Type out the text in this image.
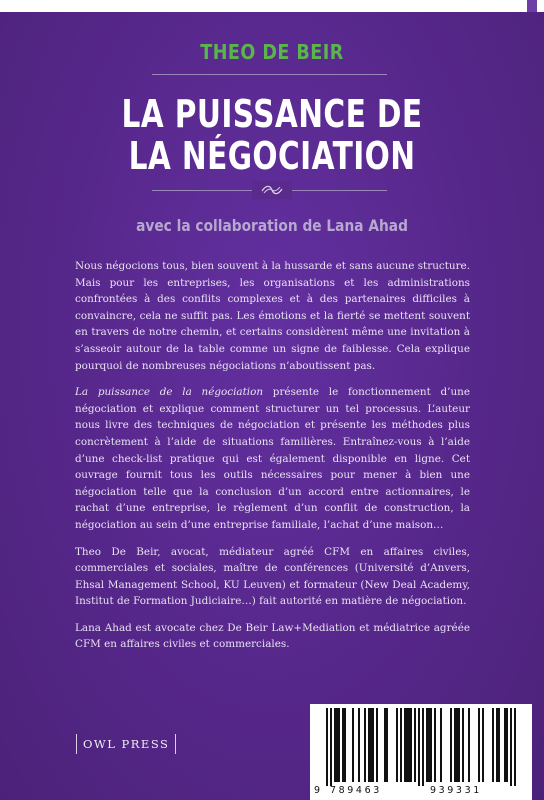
THEO DE BEIR
LA PUISSANCE DE
LA NÉGOCIATION
avec la collaboration de Lana Ahad

Nous négocions tous, bien souvent à la hussarde et sans aucune structure. Mais pour les entreprises, les organisations et les administrations confrontées à des conflits complexes et à des partenaires difficiles à convaincre, cela ne suffit pas. Les émotions et la fierté se mettent souvent en travers de notre chemin, et certains considèrent même une invitation à s’asseoir autour de la table comme un signe de faiblesse. Cela explique pourquoi de nombreuses négociations n’aboutissent pas.

La puissance de la négociation présente le fonctionnement d’une négociation et explique comment structurer un tel processus. L’auteur nous livre des techniques de négociation et présente les méthodes plus concrètement à l’aide de situations familières. Entraînez-vous à l’aide d’une check-list pratique qui est également disponible en ligne. Cet ouvrage fournit tous les outils nécessaires pour mener à bien une négociation telle que la conclusion d’un accord entre actionnaires, le rachat d’une entreprise, le règlement d’un conflit de construction, la négociation au sein d’une entreprise familiale, l’achat d’une maison…

Theo De Beir, avocat, médiateur agréé CFM en affaires civiles, commerciales et sociales, maître de conférences (Université d’Anvers, Ehsal Management School, KU Leuven) et formateur (New Deal Academy, Institut de Formation Judiciaire…) fait autorité en matière de négociation.

Lana Ahad est avocate chez De Beir Law+Mediation et médiatrice agréée CFM en affaires civiles et commerciales.

OWL PRESS
9 789463	939331
